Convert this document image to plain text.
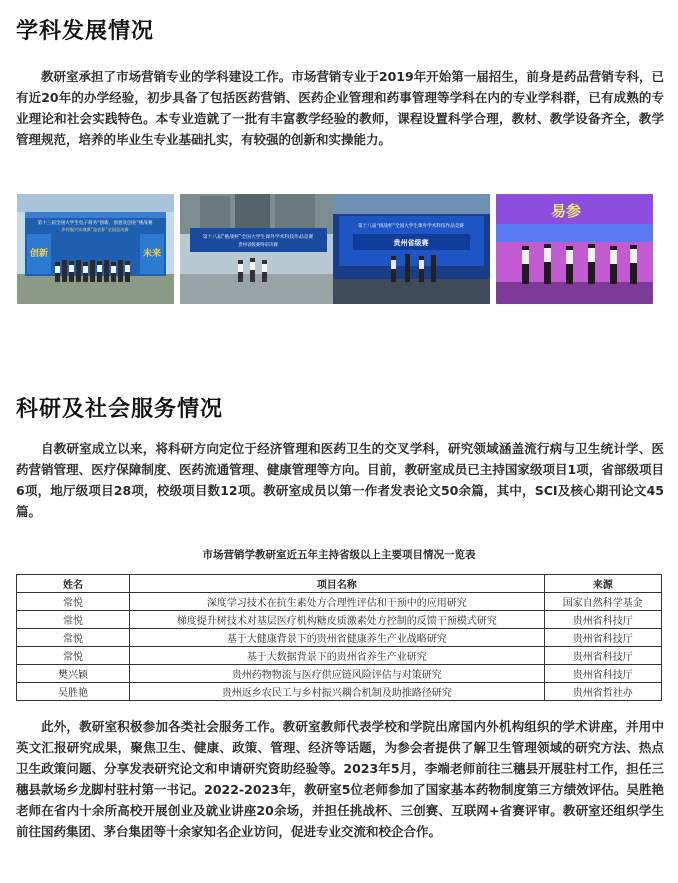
学科发展情况

教研室承担了市场营销专业的学科建设工作。市场营销专业于2019年开始第一届招生，前身是药品营销专科，已有近20年的办学经验，初步具备了包括医药营销、医药企业管理和药事管理等学科在内的专业学科群，已有成熟的专业理论和社会实践特色。本专业造就了一批有丰富教学经验的教师，课程设置科学合理，教材、教学设备齐全，教学管理规范，培养的毕业生专业基础扎实，有较强的创新和实操能力。

第十三届全国大学生电子商务“创新、创意及创业”挑战赛
乡村振兴实战赛“益农杯”全国总决赛
创新	未来
第十八届“挑战杯”全国大学生课外学术科技作品竞赛
贵州省级赛终审决赛
第十八届“挑战杯”全国大学生课外学术科技作品竞赛
贵州省级赛
易参
科研及社会服务情况

自教研室成立以来，将科研方向定位于经济管理和医药卫生的交叉学科，研究领域涵盖流行病与卫生统计学、医药营销管理、医疗保障制度、医药流通管理、健康管理等方向。目前，教研室成员已主持国家级项目1项，省部级项目6项，地厅级项目28项，校级项目数12项。教研室成员以第一作者发表论文50余篇，其中，SCI及核心期刊论文45篇。

市场营销学教研室近五年主持省级以上主要项目情况一览表
姓名	项目名称	来源
常悦	深度学习技术在抗生素处方合理性评估和干预中的应用研究	国家自然科学基金
常悦	梯度提升树技术对基层医疗机构糖皮质激素处方控制的反馈干预模式研究	贵州省科技厅
常悦	基于大健康背景下的贵州省健康养生产业战略研究	贵州省科技厅
常悦	基于大数据背景下的贵州省养生产业研究	贵州省科技厅
樊兴颖	贵州药物物流与医疗供应链风险评估与对策研究	贵州省科技厅
吴胜艳	贵州返乡农民工与乡村振兴耦合机制及助推路径研究	贵州省哲社办

此外，教研室积极参加各类社会服务工作。教研室教师代表学校和学院出席国内外机构组织的学术讲座，并用中英文汇报研究成果，聚焦卫生、健康、政策、管理、经济等话题，为参会者提供了解卫生管理领域的研究方法、热点卫生政策问题、分享发表研究论文和申请研究资助经验等。2023年5月，李端老师前往三穗县开展驻村工作，担任三穗县款场乡龙脚村驻村第一书记。2022-2023年，教研室5位老师参加了国家基本药物制度第三方绩效评估。吴胜艳老师在省内十余所高校开展创业及就业讲座20余场，并担任挑战杯、三创赛、互联网+省赛评审。教研室还组织学生前往国药集团、茅台集团等十余家知名企业访问，促进专业交流和校企合作。
